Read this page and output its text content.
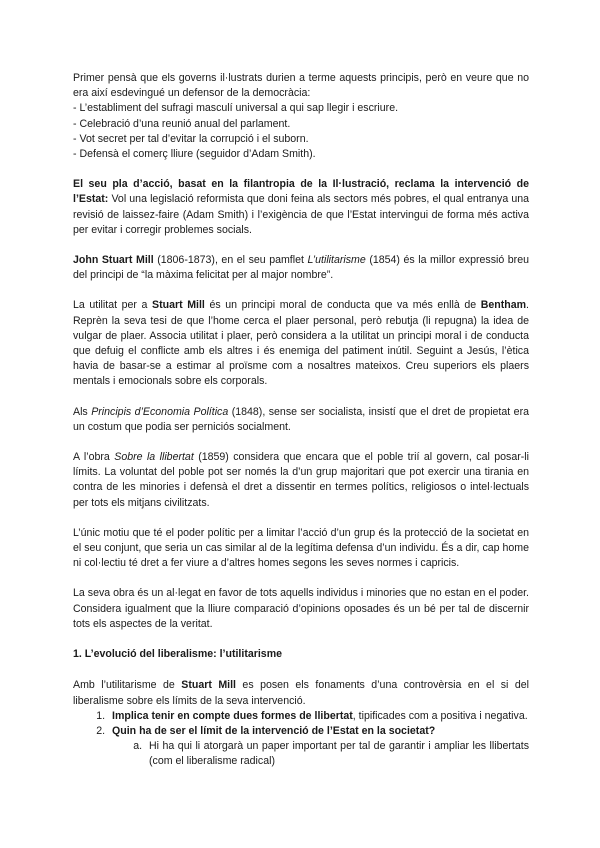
Primer pensà que els governs il·lustrats durien a terme aquests principis, però en veure que no era així esdevingué un defensor de la democràcia:

- L’establiment del sufragi masculí universal a qui sap llegir i escriure.
- Celebració d’una reunió anual del parlament.
- Vot secret per tal d’evitar la corrupció i el suborn.
- Defensà el comerç lliure (seguidor d’Adam Smith).

El seu pla d’acció, basat en la filantropia de la Il·lustració, reclama la intervenció de l’Estat: Vol una legislació reformista que doni feina als sectors més pobres, el qual entranya una revisió de laissez-faire (Adam Smith) i l’exigència de que l’Estat intervingui de forma més activa per evitar i corregir problemes socials.

John Stuart Mill (1806-1873), en el seu pamflet L’utilitarisme (1854) és la millor expressió breu del principi de “la màxima felicitat per al major nombre”.

La utilitat per a Stuart Mill és un principi moral de conducta que va més enllà de Bentham. Reprèn la seva tesi de que l’home cerca el plaer personal, però rebutja (li repugna) la idea de vulgar de plaer. Associa utilitat i plaer, però considera a la utilitat un principi moral i de conducta que defuig el conflicte amb els altres i és enemiga del patiment inútil. Seguint a Jesús, l’ètica havia de basar-se a estimar al proïsme com a nosaltres mateixos. Creu superiors els plaers mentals i emocionals sobre els corporals.

Als Principis d’Economia Política (1848), sense ser socialista, insistí que el dret de propietat era un costum que podia ser perniciós socialment.

A l’obra Sobre la llibertat (1859) considera que encara que el poble trií al govern, cal posar-li límits. La voluntat del poble pot ser només la d’un grup majoritari que pot exercir una tirania en contra de les minories i defensà el dret a dissentir en termes polítics, religiosos o intel·lectuals per tots els mitjans civilitzats.

L’únic motiu que té el poder polític per a limitar l’acció d’un grup és la protecció de la societat en el seu conjunt, que seria un cas similar al de la legítima defensa d’un individu. És a dir, cap home ni col·lectiu té dret a fer viure a d’altres homes segons les seves normes i capricis.

La seva obra és un al·legat en favor de tots aquells individus i minories que no estan en el poder. Considera igualment que la lliure comparació d’opinions oposades és un bé per tal de discernir tots els aspectes de la veritat.

1. L’evolució del liberalisme: l’utilitarisme

Amb l’utilitarisme de Stuart Mill es posen els fonaments d’una controvèrsia en el si del liberalisme sobre els límits de la seva intervenció.

1. Implica tenir en compte dues formes de llibertat, tipificades com a positiva i negativa.
2. Quin ha de ser el límit de la intervenció de l’Estat en la societat?
a. Hi ha qui li atorgarà un paper important per tal de garantir i ampliar les llibertats (com el liberalisme radical)
